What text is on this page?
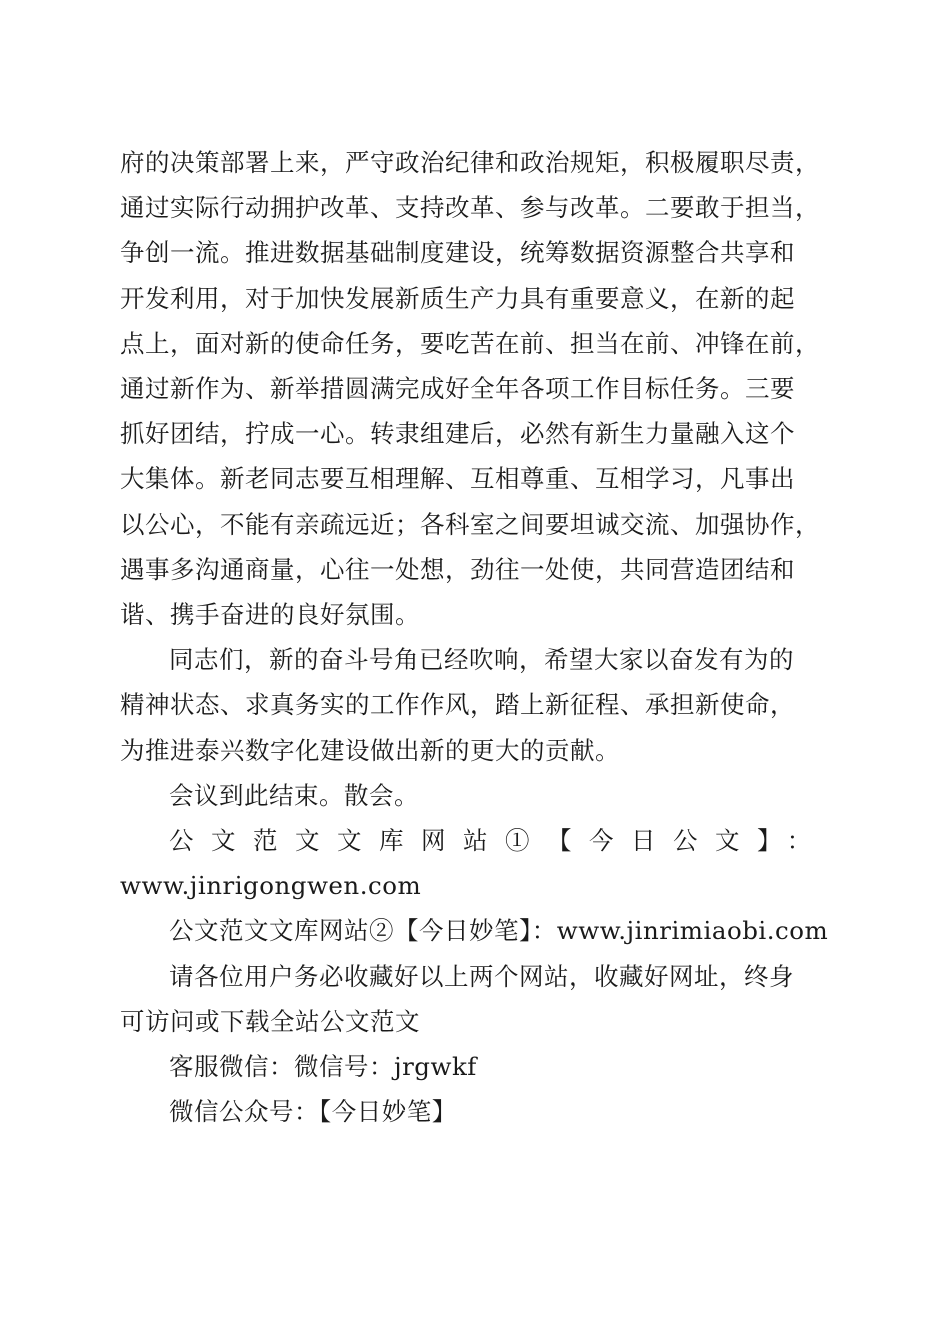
府的决策部署上来，严守政治纪律和政治规矩，积极履职尽责，
通过实际行动拥护改革、支持改革、参与改革。二要敢于担当，
争创一流。推进数据基础制度建设，统筹数据资源整合共享和
开发利用，对于加快发展新质生产力具有重要意义，在新的起
点上，面对新的使命任务，要吃苦在前、担当在前、冲锋在前，
通过新作为、新举措圆满完成好全年各项工作目标任务。三要
抓好团结，拧成一心。转隶组建后，必然有新生力量融入这个
大集体。新老同志要互相理解、互相尊重、互相学习，凡事出
以公心，不能有亲疏远近；各科室之间要坦诚交流、加强协作，
遇事多沟通商量，心往一处想，劲往一处使，共同营造团结和
谐、携手奋进的良好氛围。
同志们，新的奋斗号角已经吹响，希望大家以奋发有为的
精神状态、求真务实的工作作风，踏上新征程、承担新使命，
为推进泰兴数字化建设做出新的更大的贡献。
会议到此结束。散会。
公文范文文库网站①【今日公文】：
www.jinrigongwen.com
公文范文文库网站②【今日妙笔】：www.jinrimiaobi.com
请各位用户务必收藏好以上两个网站，收藏好网址，终身
可访问或下载全站公文范文
客服微信：微信号：jrgwkf
微信公众号：【今日妙笔】
